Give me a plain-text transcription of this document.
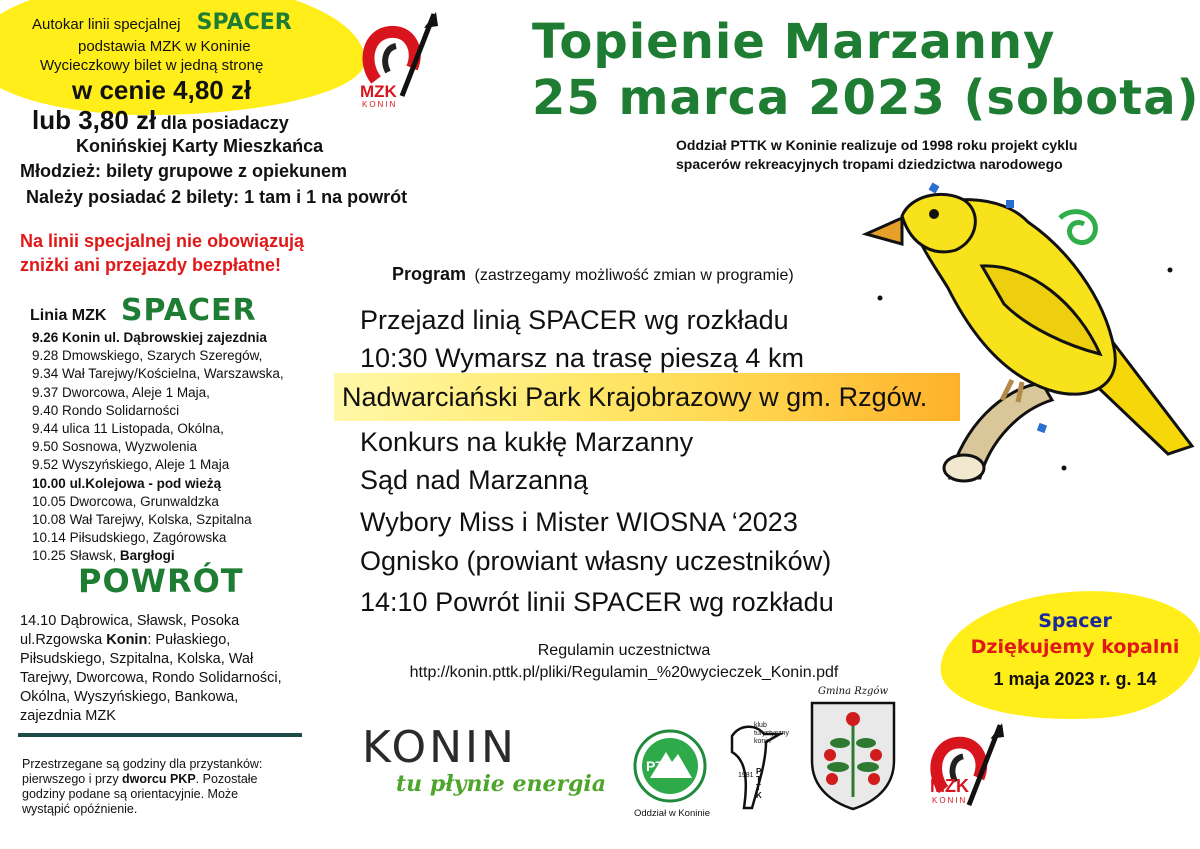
Autokar linii specjalnej SPACER
podstawia MZK w Koninie
Wycieczkowy bilet w jedną stronę
w cenie 4,80 zł
lub 3,80 zł dla posiadaczy
Konińskiej Karty Mieszkańca
Młodzież: bilety grupowe z opiekunem
Należy posiadać 2 bilety: 1 tam i 1 na powrót
Na linii specjalnej nie obowiązują
zniżki ani przejazdy bezpłatne!
MZK
KONIN
Linia MZK SPACER
9.26 Konin ul. Dąbrowskiej zajezdnia
9.28 Dmowskiego, Szarych Szeregów,
9.34 Wał Tarejwy/Kościelna, Warszawska,
9.37 Dworcowa, Aleje 1 Maja,
9.40 Rondo Solidarności
9.44 ulica 11 Listopada, Okólna,
9.50 Sosnowa, Wyzwolenia
9.52 Wyszyńskiego, Aleje 1 Maja
10.00 ul.Kolejowa - pod wieżą
10.05 Dworcowa, Grunwaldzka
10.08 Wał Tarejwy, Kolska, Szpitalna
10.14 Piłsudskiego, Zagórowska
10.25 Sławsk, Bargłogi
POWRÓT
14.10 Dąbrowica, Sławsk, Posoka
ul.Rzgowska Konin: Pułaskiego,
Piłsudskiego, Szpitalna, Kolska, Wał
Tarejwy, Dworcowa, Rondo Solidarności,
Okólna, Wyszyńskiego, Bankowa,
zajezdnia MZK
Przestrzegane są godziny dla przystanków:
pierwszego i przy dworcu PKP. Pozostałe
godziny podane są orientacyjnie. Może
wystąpić opóźnienie.
Topienie Marzanny
25 marca 2023 (sobota)
Oddział PTTK w Koninie realizuje od 1998 roku projekt cyklu
spacerów rekreacyjnych tropami dziedzictwa narodowego
Program (zastrzegamy możliwość zmian w programie)
Przejazd linią SPACER wg rozkładu
10:30 Wymarsz na trasę pieszą 4 km
Nadwarciański Park Krajobrazowy w gm. Rzgów.
Konkurs na kukłę Marzanny
Sąd nad Marzanną
Wybory Miss i Mister WIOSNA ‘2023
Ognisko (prowiant własny uczestników)
14:10 Powrót linii SPACER wg rozkładu
Regulamin uczestnictwa
http://konin.pttk.pl/pliki/Regulamin_%20wycieczek_Konin.pdf
Spacer
Dziękujemy kopalni
1 maja 2023 r. g. 14
KONIN
tu płynie energia
PTTK
Oddział w Koninie
klub
turystyczny
konin
1981 PTTK
Gmina Rzgów
MZK
KONIN
